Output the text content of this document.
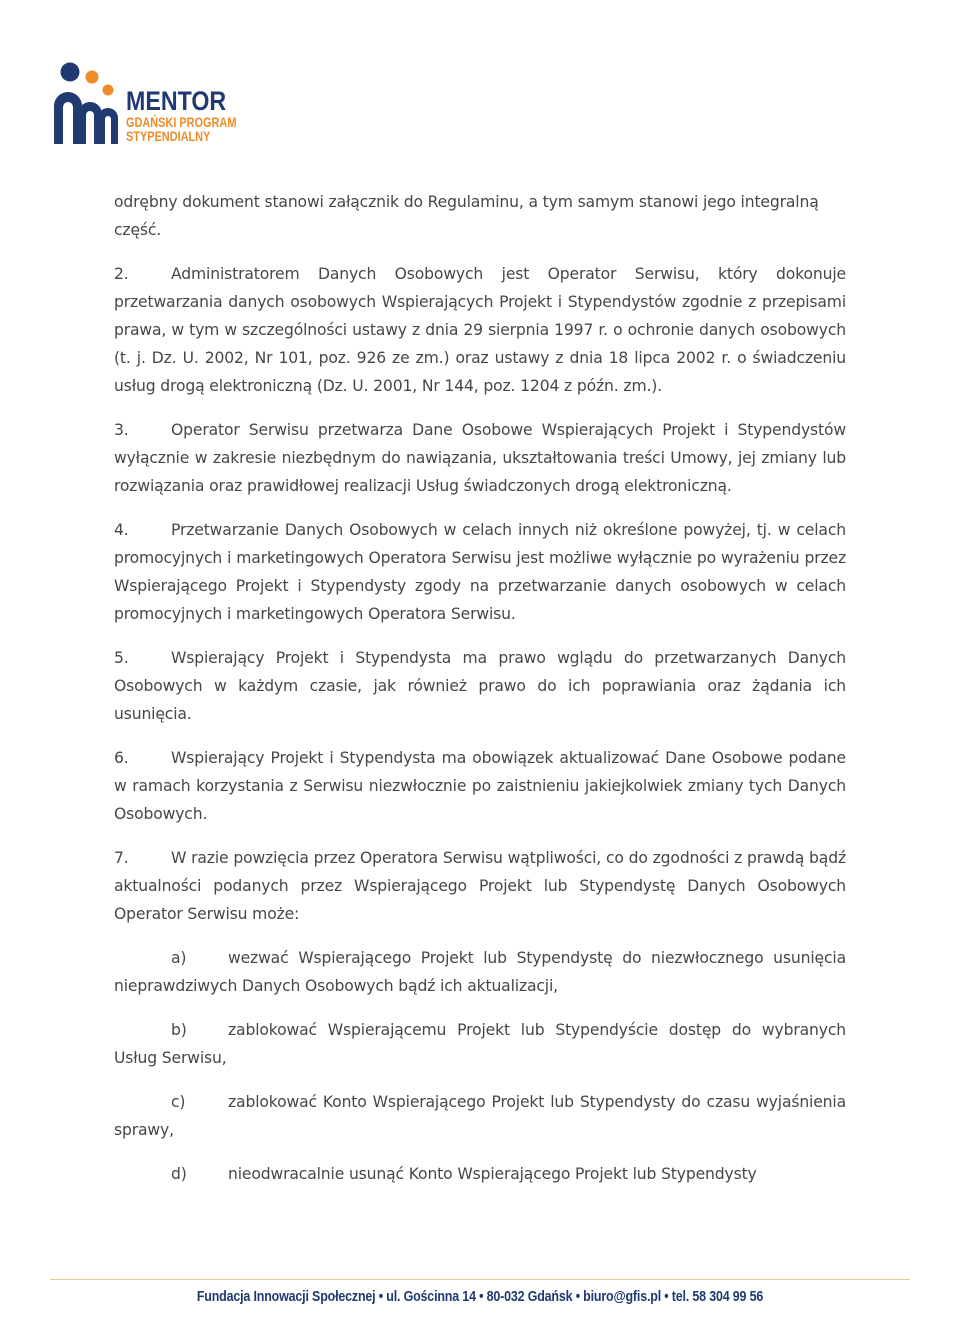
MENTOR
GDAŃSKI PROGRAM
STYPENDIALNY

odrębny dokument stanowi załącznik do Regulaminu, a tym samym stanowi jego integralną część.

2.	Administratorem Danych Osobowych jest Operator Serwisu, który dokonuje przetwarzania danych osobowych Wspierających Projekt i Stypendystów zgodnie z przepisami prawa, w tym w szczególności ustawy z dnia 29 sierpnia 1997 r. o ochronie danych osobowych (t. j. Dz. U. 2002, Nr 101, poz. 926 ze zm.) oraz ustawy z dnia 18 lipca 2002 r. o świadczeniu usług drogą elektroniczną (Dz. U. 2001, Nr 144, poz. 1204 z późn. zm.).

3.	Operator Serwisu przetwarza Dane Osobowe Wspierających Projekt i Stypendystów wyłącznie w zakresie niezbędnym do nawiązania, ukształtowania treści Umowy, jej zmiany lub rozwiązania oraz prawidłowej realizacji Usług świadczonych drogą elektroniczną.

4.	Przetwarzanie Danych Osobowych w celach innych niż określone powyżej, tj. w celach promocyjnych i marketingowych Operatora Serwisu jest możliwe wyłącznie po wyrażeniu przez Wspierającego Projekt i Stypendysty zgody na przetwarzanie danych osobowych w celach promocyjnych i marketingowych Operatora Serwisu.

5.	Wspierający Projekt i Stypendysta ma prawo wglądu do przetwarzanych Danych Osobowych w każdym czasie, jak również prawo do ich poprawiania oraz żądania ich usunięcia.

6.	Wspierający Projekt i Stypendysta ma obowiązek aktualizować Dane Osobowe podane w ramach korzystania z Serwisu niezwłocznie po zaistnieniu jakiejkolwiek zmiany tych Danych Osobowych.

7.	W razie powzięcia przez Operatora Serwisu wątpliwości, co do zgodności z prawdą bądź aktualności podanych przez Wspierającego Projekt lub Stypendystę Danych Osobowych Operator Serwisu może:

a)	wezwać Wspierającego Projekt lub Stypendystę do niezwłocznego usunięcia nieprawdziwych Danych Osobowych bądź ich aktualizacji,

b)	zablokować Wspierającemu Projekt lub Stypendyście dostęp do wybranych Usług Serwisu,

c)	zablokować Konto Wspierającego Projekt lub Stypendysty do czasu wyjaśnienia sprawy,

d)	nieodwracalnie usunąć Konto Wspierającego Projekt lub Stypendysty

Fundacja Innowacji Społecznej • ul. Gościnna 14 • 80-032 Gdańsk • biuro@gfis.pl • tel. 58 304 99 56
